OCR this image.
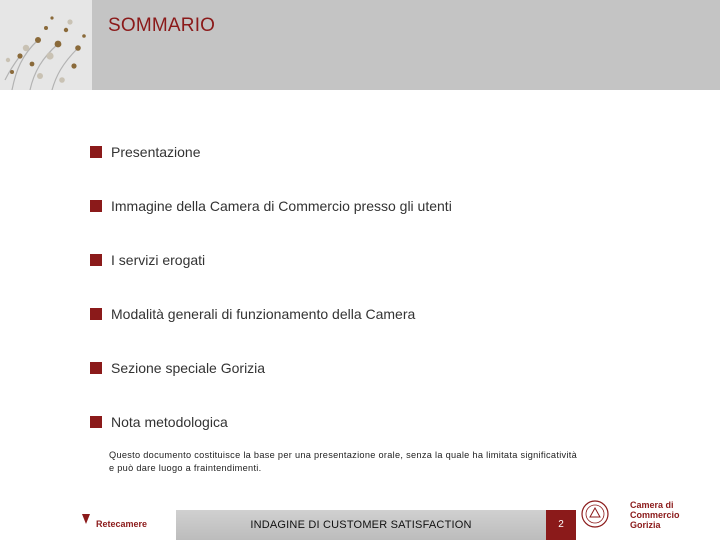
SOMMARIO
Presentazione
Immagine della Camera di Commercio presso gli utenti
I servizi erogati
Modalità generali di funzionamento della Camera
Sezione speciale Gorizia
Nota metodologica
Questo documento costituisce la base per una presentazione orale, senza la quale ha limitata significatività
e può dare luogo a fraintendimenti.
Retecamere	INDAGINE DI CUSTOMER SATISFACTION	2
Camera di Commercio
Gorizia
